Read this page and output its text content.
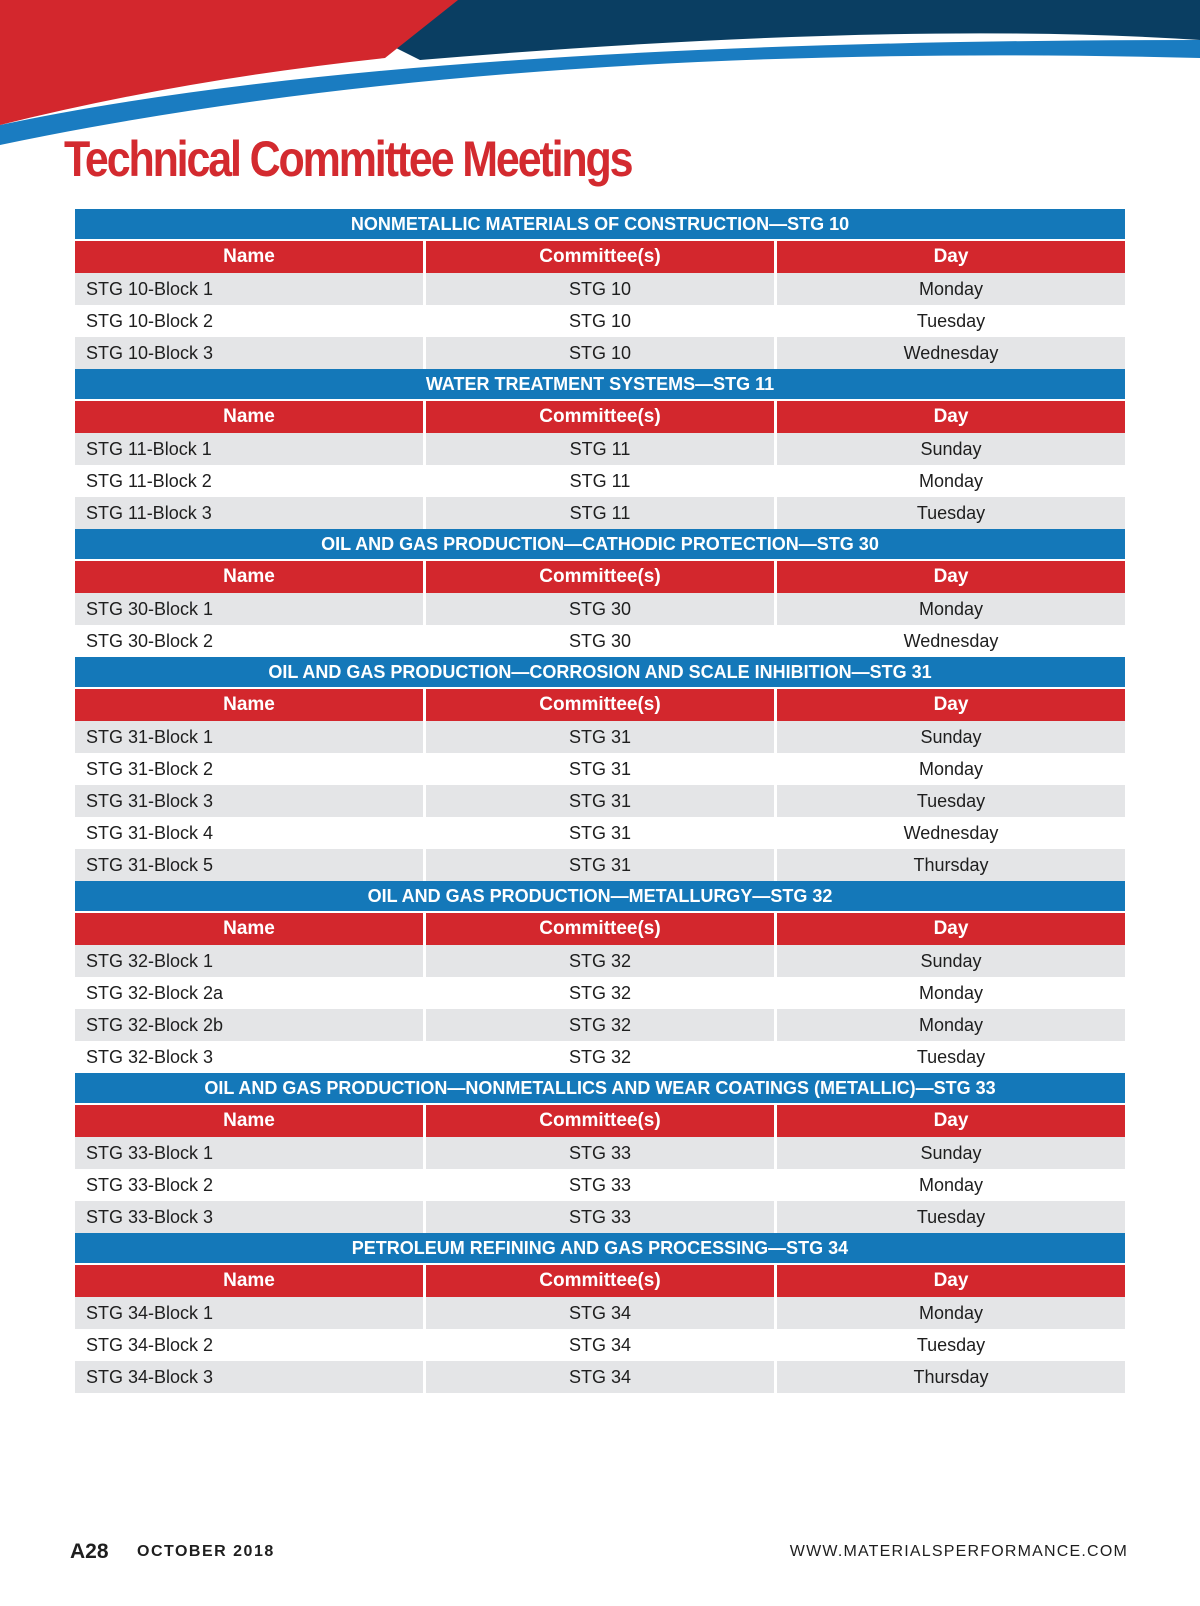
Technical Committee Meetings
NONMETALLIC MATERIALS OF CONSTRUCTION—STG 10		
Name	Committee(s)	Day
STG 10-Block 1	STG 10	Monday
STG 10-Block 2	STG 10	Tuesday
STG 10-Block 3	STG 10	Wednesday
WATER TREATMENT SYSTEMS—STG 11		
Name	Committee(s)	Day
STG 11-Block 1	STG 11	Sunday
STG 11-Block 2	STG 11	Monday
STG 11-Block 3	STG 11	Tuesday
OIL AND GAS PRODUCTION—CATHODIC PROTECTION—STG 30		
Name	Committee(s)	Day
STG 30-Block 1	STG 30	Monday
STG 30-Block 2	STG 30	Wednesday
OIL AND GAS PRODUCTION—CORROSION AND SCALE INHIBITION—STG 31		
Name	Committee(s)	Day
STG 31-Block 1	STG 31	Sunday
STG 31-Block 2	STG 31	Monday
STG 31-Block 3	STG 31	Tuesday
STG 31-Block 4	STG 31	Wednesday
STG 31-Block 5	STG 31	Thursday
OIL AND GAS PRODUCTION—METALLURGY—STG 32		
Name	Committee(s)	Day
STG 32-Block 1	STG 32	Sunday
STG 32-Block 2a	STG 32	Monday
STG 32-Block 2b	STG 32	Monday
STG 32-Block 3	STG 32	Tuesday
OIL AND GAS PRODUCTION—NONMETALLICS AND WEAR COATINGS (METALLIC)—STG 33		
Name	Committee(s)	Day
STG 33-Block 1	STG 33	Sunday
STG 33-Block 2	STG 33	Monday
STG 33-Block 3	STG 33	Tuesday
PETROLEUM REFINING AND GAS PROCESSING—STG 34		
Name	Committee(s)	Day
STG 34-Block 1	STG 34	Monday
STG 34-Block 2	STG 34	Tuesday
STG 34-Block 3	STG 34	Thursday
A28 OCTOBER 2018	WWW.MATERIALSPERFORMANCE.COM
